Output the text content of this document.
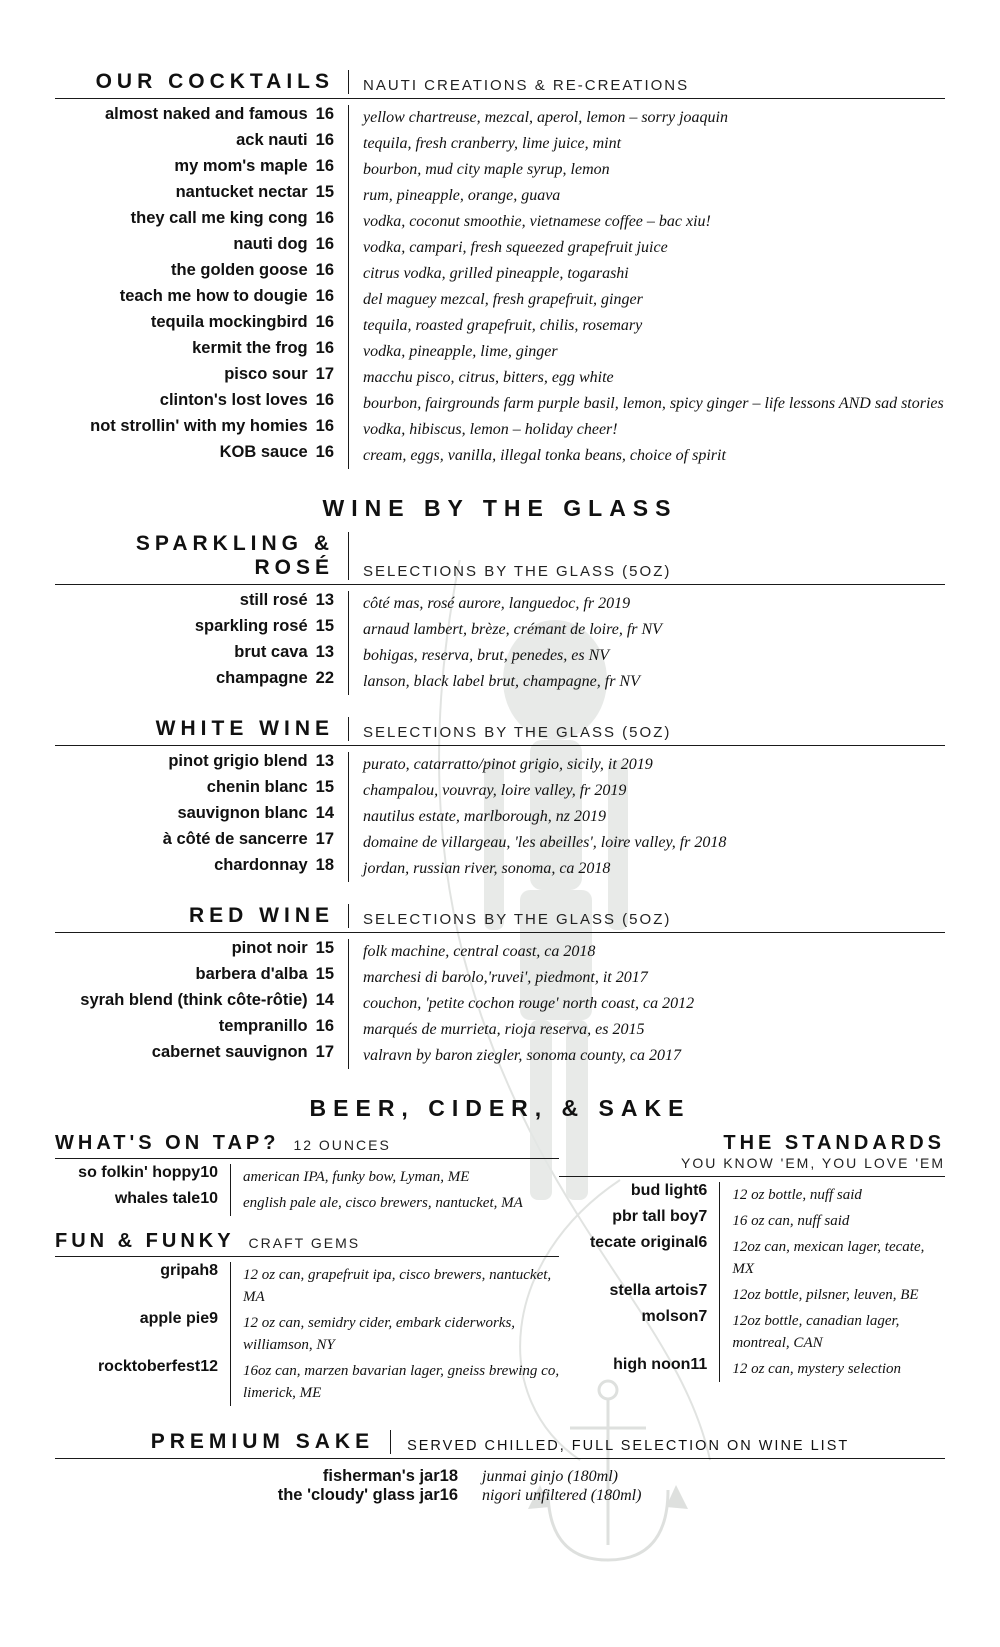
OUR COCKTAILS	NAUTI CREATIONS & RE-CREATIONS
almost naked and famous 16	yellow chartreuse, mezcal, aperol, lemon – sorry joaquin
ack nauti 16	tequila, fresh cranberry, lime juice, mint
my mom's maple 16	bourbon, mud city maple syrup, lemon
nantucket nectar 15	rum, pineapple, orange, guava
they call me king cong 16	vodka, coconut smoothie, vietnamese coffee – bac xiu!
nauti dog 16	vodka, campari, fresh squeezed grapefruit juice
the golden goose 16	citrus vodka, grilled pineapple, togarashi
teach me how to dougie 16	del maguey mezcal, fresh grapefruit, ginger
tequila mockingbird 16	tequila, roasted grapefruit, chilis, rosemary
kermit the frog 16	vodka, pineapple, lime, ginger
pisco sour 17	macchu pisco, citrus, bitters, egg white
clinton's lost loves 16	bourbon, fairgrounds farm purple basil, lemon, spicy ginger – life lessons AND sad stories
not strollin' with my homies 16	vodka, hibiscus, lemon – holiday cheer!
KOB sauce 16	cream, eggs, vanilla, illegal tonka beans, choice of spirit
WINE BY THE GLASS
SPARKLING & ROSÉ	SELECTIONS BY THE GLASS (5OZ)
still rosé 13	côté mas, rosé aurore, languedoc, fr 2019
sparkling rosé 15	arnaud lambert, brèze, crémant de loire, fr NV
brut cava 13	bohigas, reserva, brut, penedes, es NV
champagne 22	lanson, black label brut, champagne, fr NV
WHITE WINE	SELECTIONS BY THE GLASS (5OZ)
pinot grigio blend 13	purato, catarratto/pinot grigio, sicily, it 2019
chenin blanc 15	champalou, vouvray, loire valley, fr 2019
sauvignon blanc 14	nautilus estate, marlborough, nz 2019
à côté de sancerre 17	domaine de villargeau, 'les abeilles', loire valley, fr 2018
chardonnay 18	jordan, russian river, sonoma, ca 2018
RED WINE	SELECTIONS BY THE GLASS (5OZ)
pinot noir 15	folk machine, central coast, ca 2018
barbera d'alba 15	marchesi di barolo,'ruvei', piedmont, it 2017
syrah blend (think côte-rôtie) 14	couchon, 'petite cochon rouge' north coast, ca 2012
tempranillo 16	marqués de murrieta, rioja reserva, es 2015
cabernet sauvignon 17	valravn by baron ziegler, sonoma county, ca 2017
BEER, CIDER, & SAKE
WHAT'S ON TAP? 12 OUNCES
so folkin' hoppy10	american IPA, funky bow, Lyman, ME
whales tale10	english pale ale, cisco brewers, nantucket, MA
FUN & FUNKY CRAFT GEMS
gripah8	12 oz can, grapefruit ipa, cisco brewers, nantucket, MA
apple pie9	12 oz can, semidry cider, embark ciderworks, williamson, NY
rocktoberfest12	16oz can, marzen bavarian lager, gneiss brewing co, limerick, ME
THE STANDARDS
YOU KNOW 'EM, YOU LOVE 'EM
bud light6	12 oz bottle, nuff said
pbr tall boy7	16 oz can, nuff said
tecate original6	12oz can, mexican lager, tecate, MX
stella artois7	12oz bottle, pilsner, leuven, BE
molson7	12oz bottle, canadian lager, montreal, CAN
high noon11	12 oz can, mystery selection
PREMIUM SAKE	SERVED CHILLED, FULL SELECTION ON WINE LIST
fisherman's jar18	junmai ginjo (180ml)
the 'cloudy' glass jar16	nigori unfiltered (180ml)
